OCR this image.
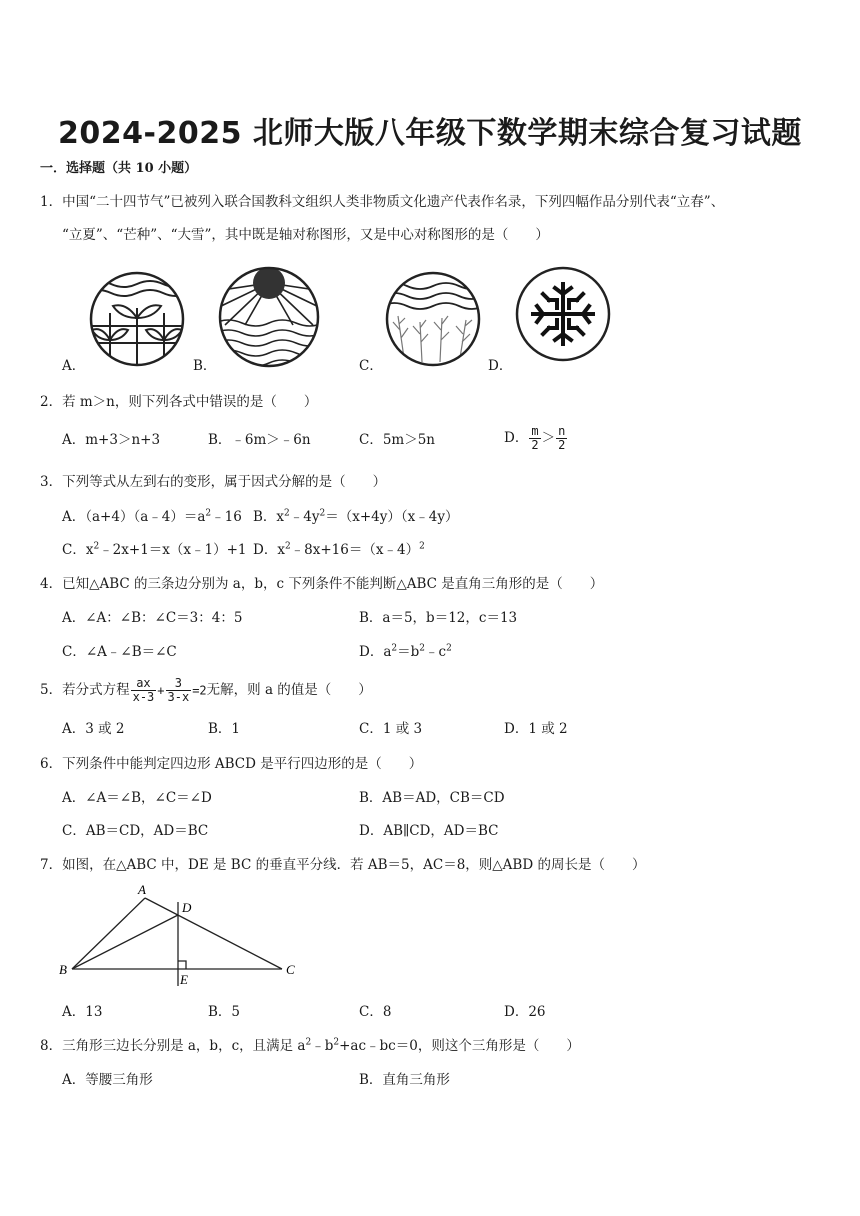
2024-2025 北师大版八年级下数学期末综合复习试题
一．选择题（共 10 小题）
1．中国“二十四节气”已被列入联合国教科文组织人类非物质文化遗产代表作名录，下列四幅作品分别代表“立春”、
“立夏”、“芒种”、“大雪”，其中既是轴对称图形，又是中心对称图形的是（　　）
A．	B．	C．	D．
2．若 m＞n，则下列各式中错误的是（　　）
A．m+3＞n+3	B．﹣6m＞﹣6n	C．5m＞5n	D． $\frac{m}{2} > \frac{n}{2}$
3．下列等式从左到右的变形，属于因式分解的是（　　）
A．$(a+4)(a﹣4)=a^2﹣16$ B．$x^2﹣4y^2=(x+4y)(x﹣4y)$
C．$x^2﹣2x+1=x(x﹣1)+1$ D．$x^2﹣8x+16=(x﹣4)^2$
4．已知△ABC 的三条边分别为 a，b，c 下列条件不能判断△ABC 是直角三角形的是（　　）
A．∠A：∠B：∠C＝3：4：5	B．a＝5，b＝12，c＝13
C．∠A﹣∠B＝∠C	D．$a^2=b^2﹣c^2$
5．若分式方程 $\frac{ax}{x-3} + \frac{3}{3-x} =2$无解，则 a 的值是（　　）
A．3 或 2	B．1	C．1 或 3	D．1 或 2
6．下列条件中能判定四边形 ABCD 是平行四边形的是（　　）
A．∠A＝∠B，∠C＝∠D	B．AB＝AD，CB＝CD
C．AB＝CD，AD＝BC	D．AB∥CD，AD＝BC
7．如图，在△ABC 中，DE 是 BC 的垂直平分线．若 AB＝5，AC＝8，则△ABD 的周长是（　　）
A
B	C
D
E
A．13	B．5	C．8	D．26
8．三角形三边长分别是 a，b，c，且满足 $a^2﹣b^2+ac﹣bc=0$，则这个三角形是（　　）
A．等腰三角形	B．直角三角形
